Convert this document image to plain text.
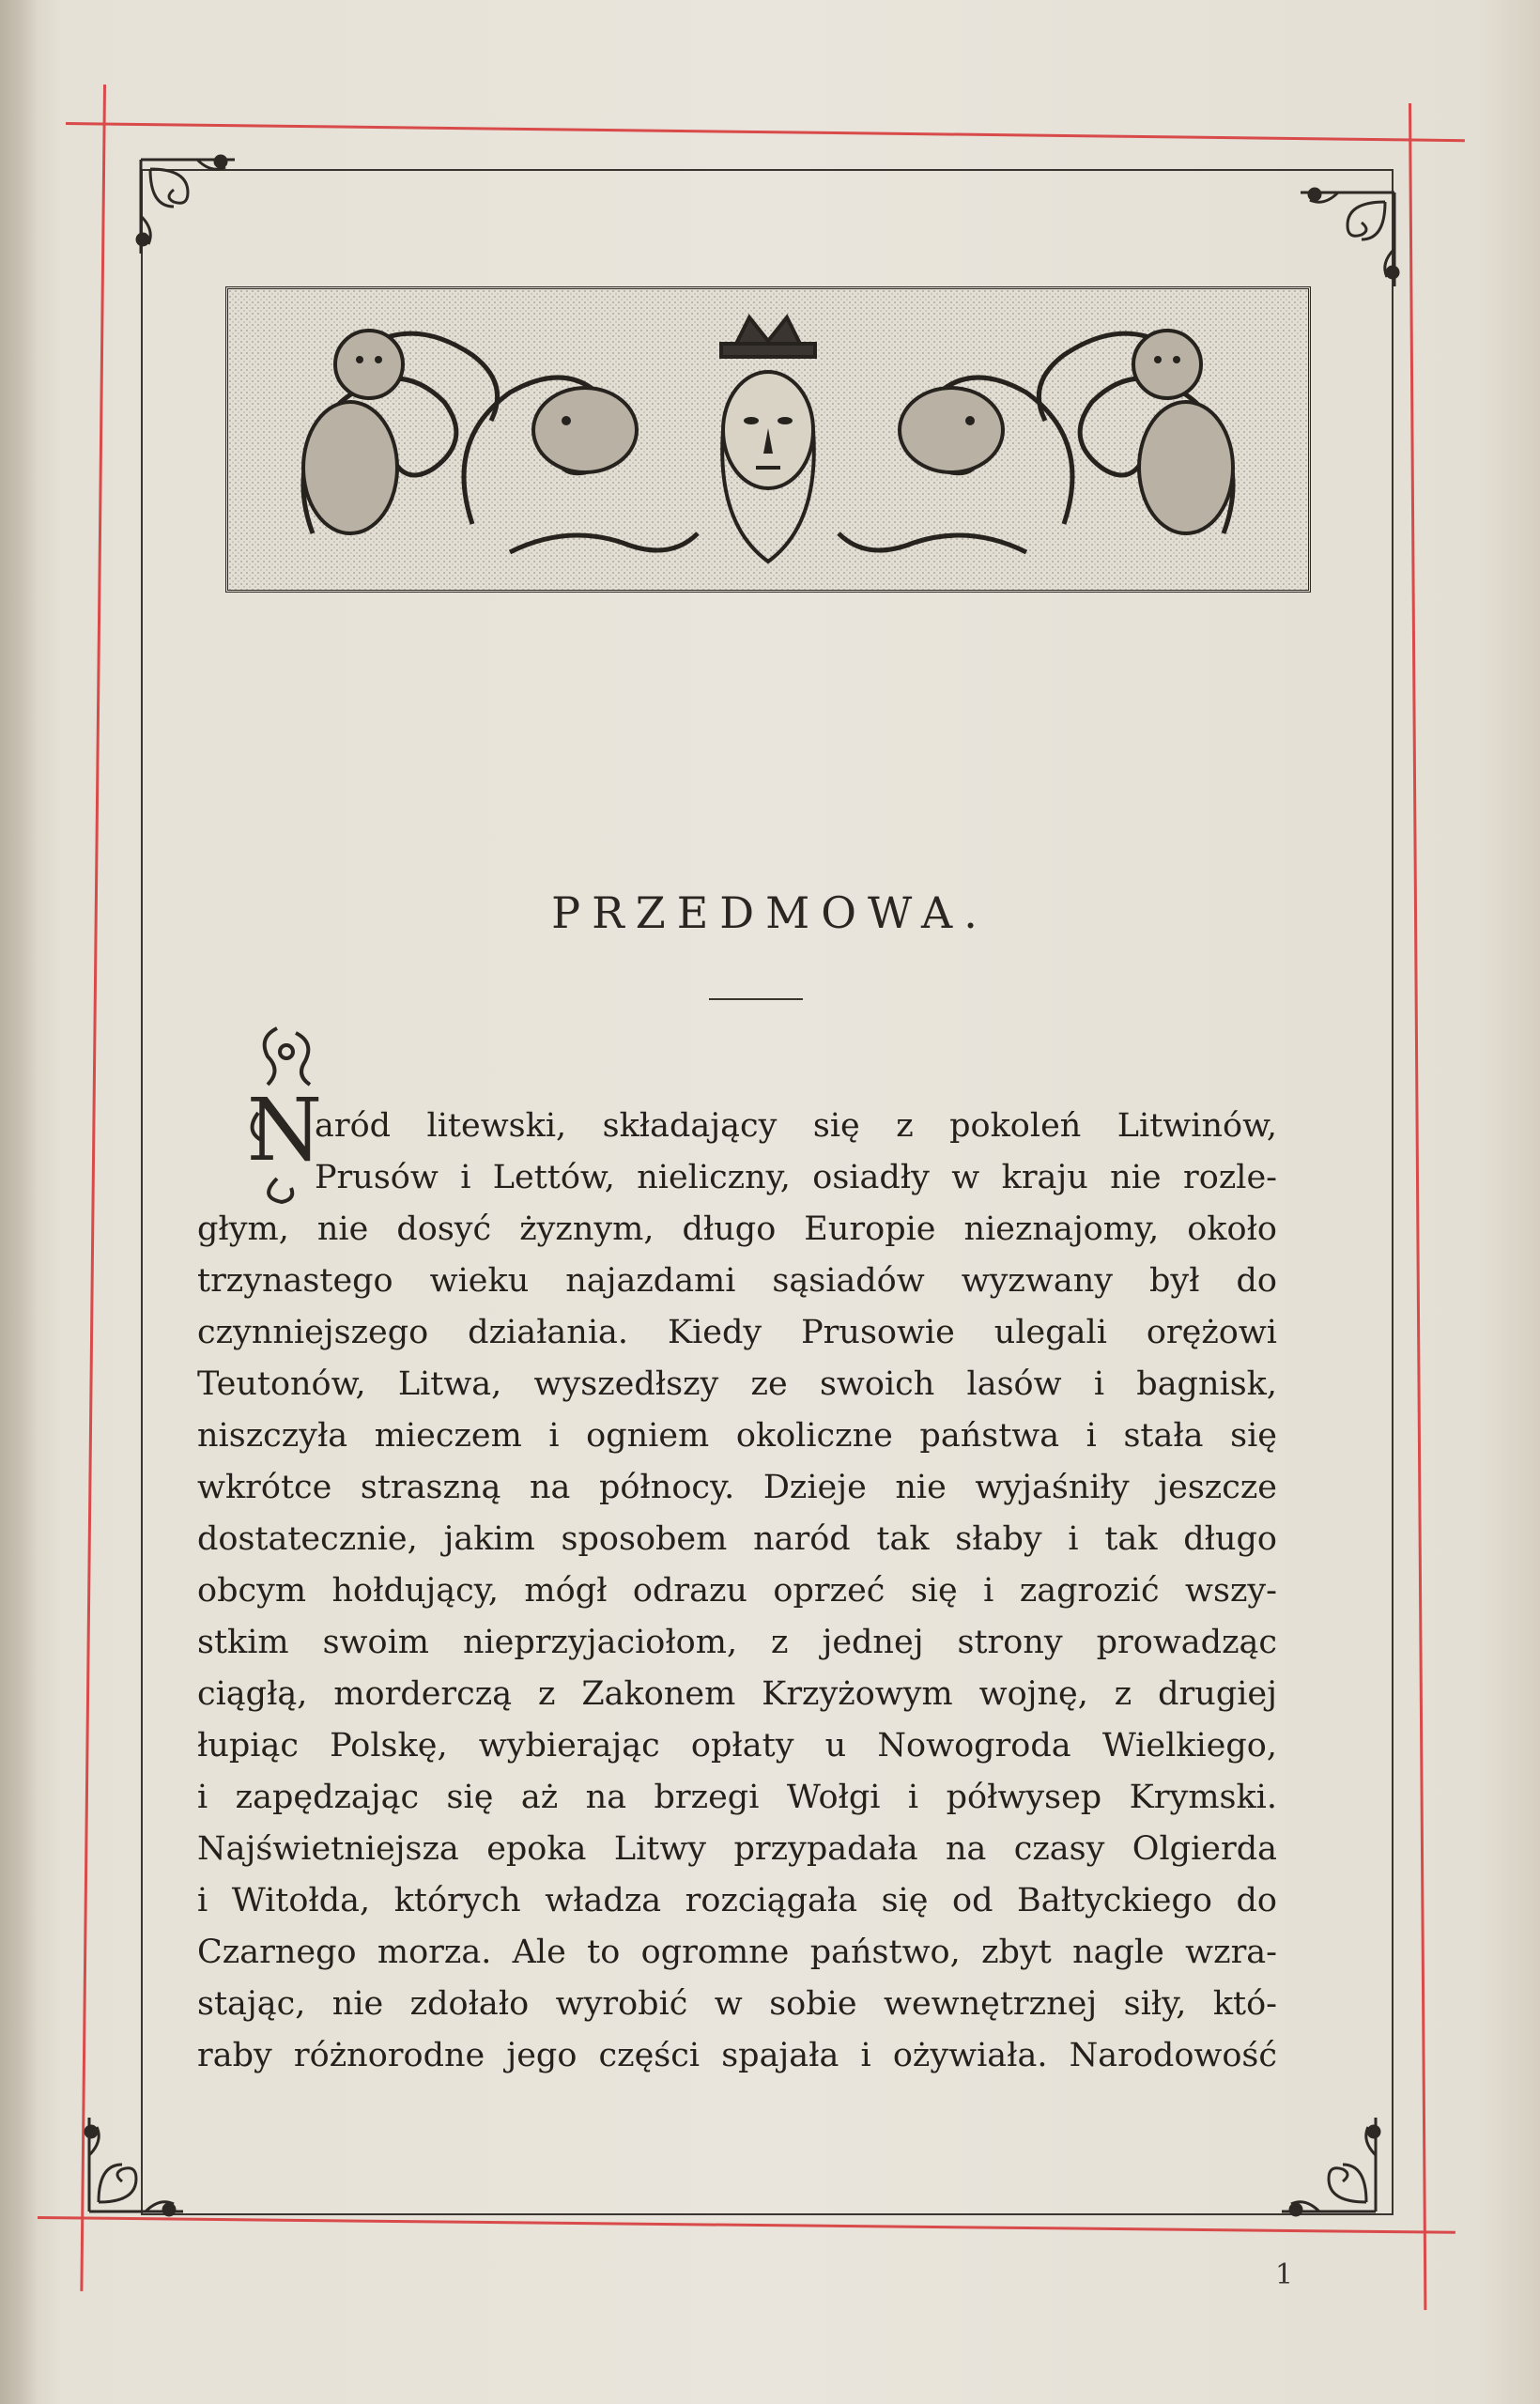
PRZEDMOWA.
N
aród litewski, składający się z pokoleń Litwinów,
Prusów i Lettów, nieliczny, osiadły w kraju nie rozle-
głym, nie dosyć żyznym, długo Europie nieznajomy, około
trzynastego wieku najazdami sąsiadów wyzwany był do
czynniejszego działania. Kiedy Prusowie ulegali orężowi
Teutonów, Litwa, wyszedłszy ze swoich lasów i bagnisk,
niszczyła mieczem i ogniem okoliczne państwa i stała się
wkrótce straszną na północy. Dzieje nie wyjaśniły jeszcze
dostatecznie, jakim sposobem naród tak słaby i tak długo
obcym hołdujący, mógł odrazu oprzeć się i zagrozić wszy-
stkim swoim nieprzyjaciołom, z jednej strony prowadząc
ciągłą, morderczą z Zakonem Krzyżowym wojnę, z drugiej
łupiąc Polskę, wybierając opłaty u Nowogroda Wielkiego,
i zapędzając się aż na brzegi Wołgi i półwysep Krymski.
Najświetniejsza epoka Litwy przypadała na czasy Olgierda
i Witołda, których władza rozciągała się od Bałtyckiego do
Czarnego morza. Ale to ogromne państwo, zbyt nagle wzra-
stając, nie zdołało wyrobić w sobie wewnętrznej siły, któ-
raby różnorodne jego części spajała i ożywiała. Narodowość
1
